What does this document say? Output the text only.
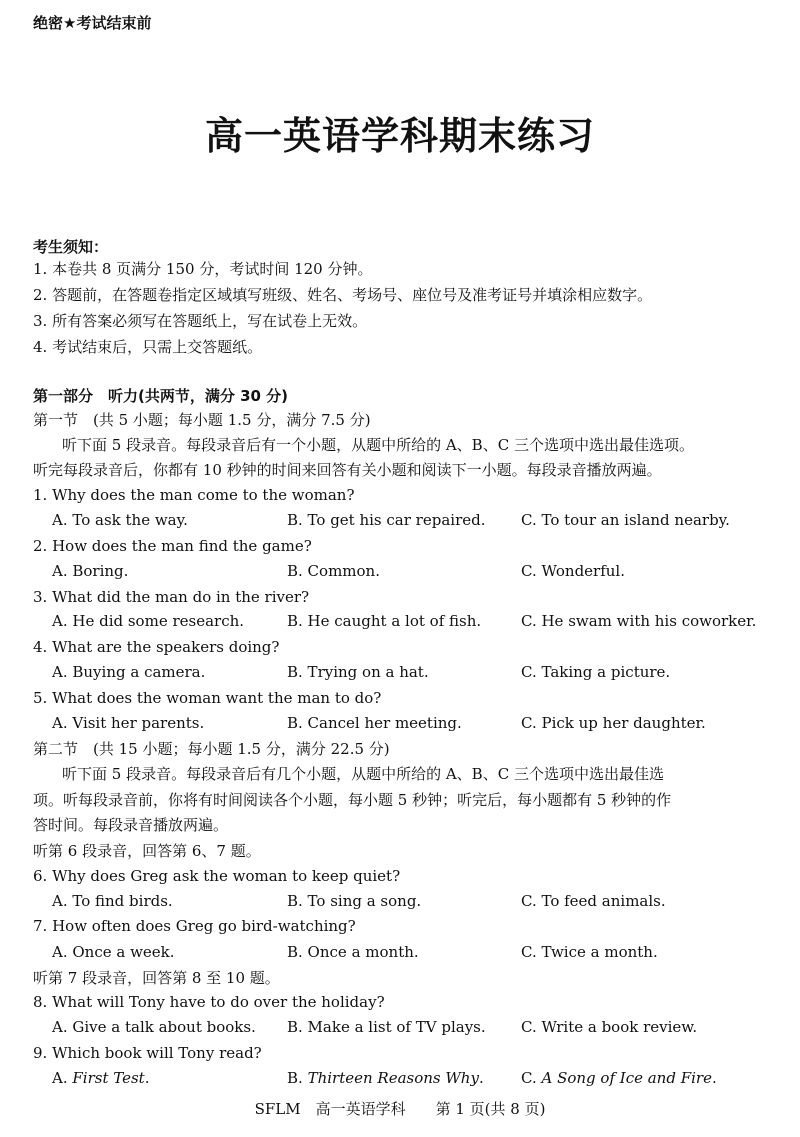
绝密★考试结束前
高一英语学科期末练习
考生须知：
1. 本卷共 8 页满分 150 分，考试时间 120 分钟。
2. 答题前，在答题卷指定区域填写班级、姓名、考场号、座位号及准考证号并填涂相应数字。
3. 所有答案必须写在答题纸上，写在试卷上无效。
4. 考试结束后，只需上交答题纸。
第一部分　听力(共两节，满分 30 分)
第一节　(共 5 小题；每小题 1.5 分，满分 7.5 分)
听下面 5 段录音。每段录音后有一个小题，从题中所给的 A、B、C 三个选项中选出最佳选项。
听完每段录音后，你都有 10 秒钟的时间来回答有关小题和阅读下一小题。每段录音播放两遍。
1. Why does the man come to the woman?
A. To ask the way.	B. To get his car repaired. C. To tour an island nearby.
2. How does the man find the game?
A. Boring.	B. Common.	C. Wonderful.
3. What did the man do in the river?
A. He did some research.	B. He caught a lot of fish.	C. He swam with his coworker.
4. What are the speakers doing?
A. Buying a camera.	B. Trying on a hat.	C. Taking a picture.
5. What does the woman want the man to do?
A. Visit her parents.	B. Cancel her meeting.	C. Pick up her daughter.
第二节　(共 15 小题；每小题 1.5 分，满分 22.5 分)
听下面 5 段录音。每段录音后有几个小题，从题中所给的 A、B、C 三个选项中选出最佳选
项。听每段录音前，你将有时间阅读各个小题，每小题 5 秒钟；听完后，每小题都有 5 秒钟的作
答时间。每段录音播放两遍。
听第 6 段录音，回答第 6、7 题。
6. Why does Greg ask the woman to keep quiet?
A. To find birds.	B. To sing a song.	C. To feed animals.
7. How often does Greg go bird-watching?
A. Once a week.	B. Once a month.	C. Twice a month.
听第 7 段录音，回答第 8 至 10 题。
8. What will Tony have to do over the holiday?
A. Give a talk about books. B. Make a list of TV plays. C. Write a book review.
9. Which book will Tony read?
A. First Test.	B. Thirteen Reasons Why. C. A Song of Ice and Fire.
SFLM　高一英语学科　　第 1 页(共 8 页)
